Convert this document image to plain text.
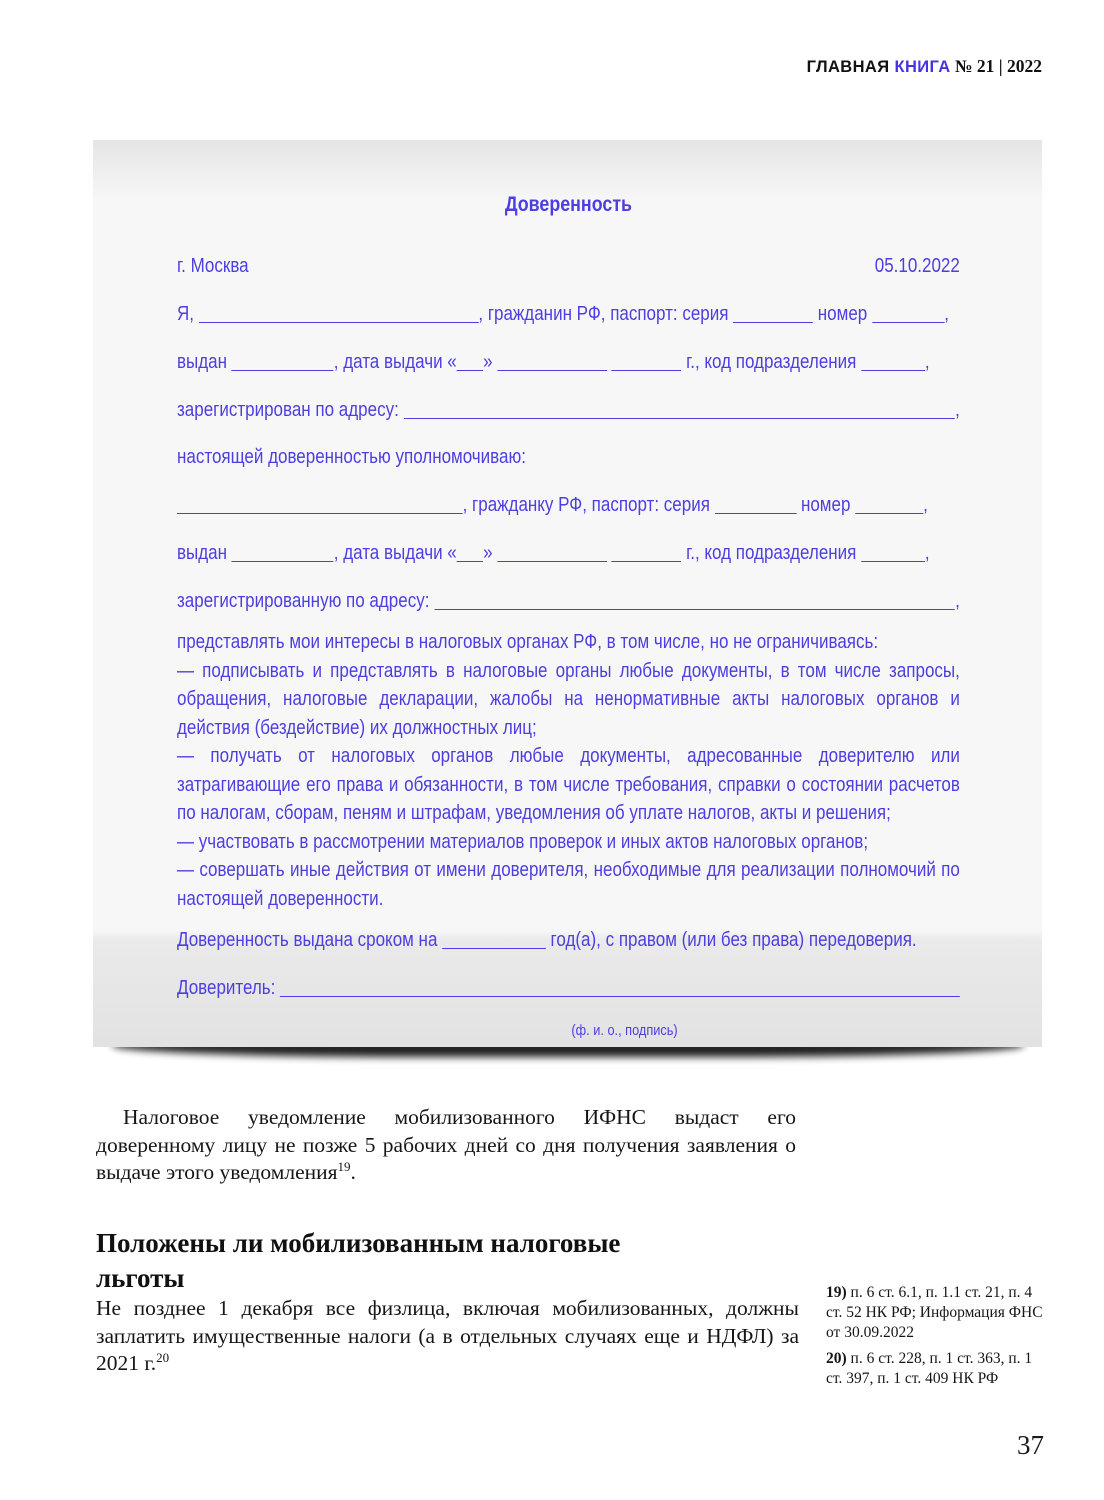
ГЛАВНАЯ КНИГА № 21 | 2022

Доверенность

г. Москва	05.10.2022
Я,	, гражданин РФ, паспорт: серия	номер	,
выдан	, дата выдачи « »
	г., код подразделения	,
зарегистрирован по адресу:	,
настоящей доверенностью уполномочиваю:
, гражданку РФ, паспорт: серия	номер	,
выдан	, дата выдачи « »
	г., код подразделения	,
зарегистрированную по адресу:	,

представлять мои интересы в налоговых органах РФ, в том числе, но не ограничиваясь:

— подписывать и представлять в налоговые органы любые документы, в том числе запросы, обращения, налоговые декларации, жалобы на ненормативные акты налоговых органов и действия (бездействие) их должностных лиц;

— получать от налоговых органов любые документы, адресованные доверителю или затрагивающие его права и обязанности, в том числе требования, справки о состоянии расчетов по налогам, сборам, пеням и штрафам, уведомления об уплате налогов, акты и решения;

— участвовать в рассмотрении материалов проверок и иных актов налоговых органов;

— совершать иные действия от имени доверителя, необходимые для реализации полномочий по настоящей доверенности.

Доверенность выдана сроком на	год(а), с правом (или без права) передоверия.
Доверитель:
(ф. и. о., подпись)

Налоговое уведомление мобилизованного ИФНС выдаст его доверенному лицу не позже 5 рабочих дней со дня получения заявления о выдаче этого уведомления$^{19}$.

Положены ли мобилизованным налоговые льготы

Не позднее 1 декабря все физлица, включая мобилизованных, должны заплатить имущественные налоги (а в отдельных случаях еще и НДФЛ) за 2021 г.$^{20}$

19) п. 6 ст. 6.1, п. 1.1 ст. 21, п. 4 ст. 52 НК РФ; Информация ФНС от 30.09.2022

20) п. 6 ст. 228, п. 1 ст. 363, п. 1 ст. 397, п. 1 ст. 409 НК РФ

37
